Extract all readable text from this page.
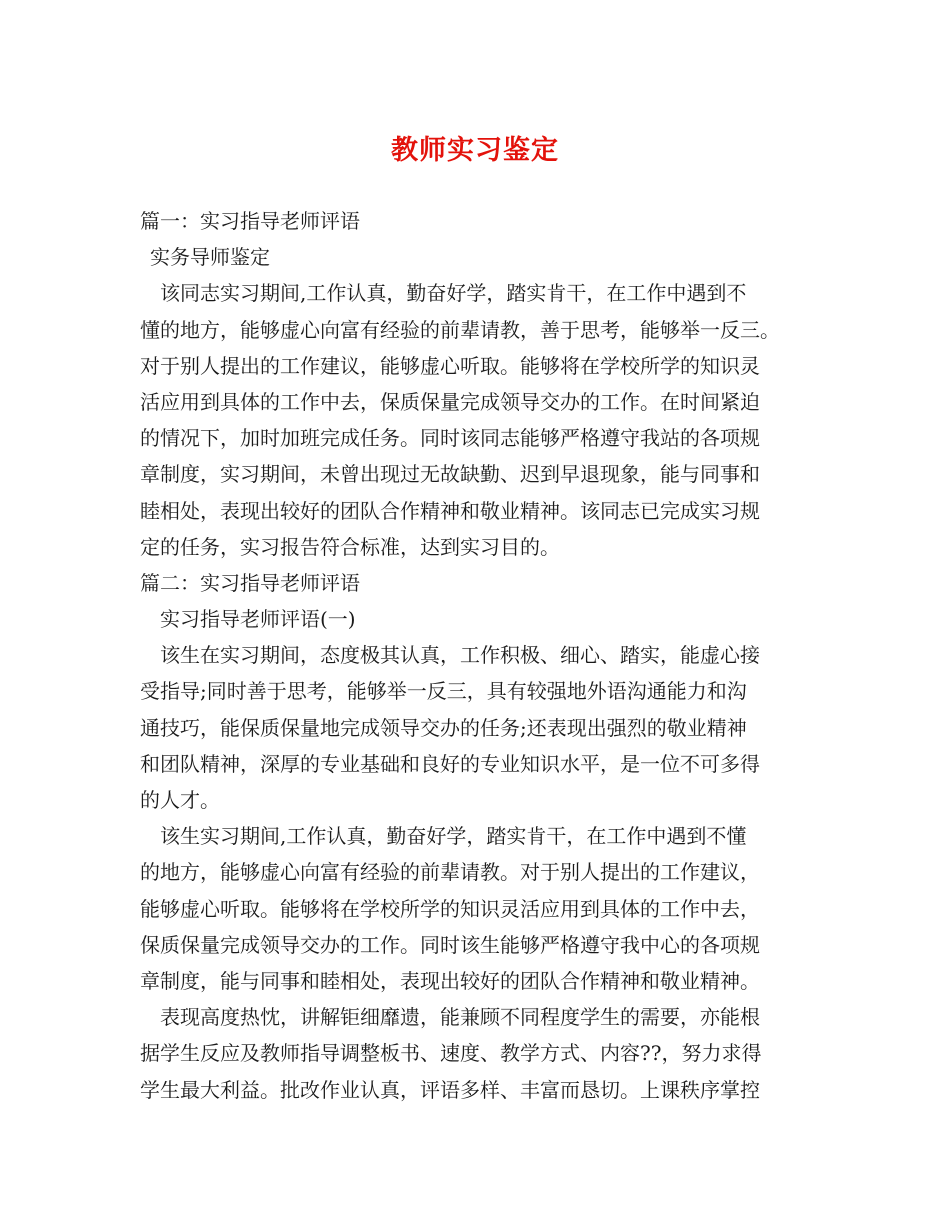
教师实习鉴定
篇一：实习指导老师评语
实务导师鉴定
该同志实习期间,工作认真，勤奋好学，踏实肯干，在工作中遇到不
懂的地方，能够虚心向富有经验的前辈请教，善于思考，能够举一反三。
对于别人提出的工作建议，能够虚心听取。能够将在学校所学的知识灵
活应用到具体的工作中去，保质保量完成领导交办的工作。在时间紧迫
的情况下，加时加班完成任务。同时该同志能够严格遵守我站的各项规
章制度，实习期间，未曾出现过无故缺勤、迟到早退现象，能与同事和
睦相处，表现出较好的团队合作精神和敬业精神。该同志已完成实习规
定的任务，实习报告符合标准，达到实习目的。
篇二：实习指导老师评语
实习指导老师评语(一)
该生在实习期间，态度极其认真，工作积极、细心、踏实，能虚心接
受指导;同时善于思考，能够举一反三，具有较强地外语沟通能力和沟
通技巧，能保质保量地完成领导交办的任务;还表现出强烈的敬业精神
和团队精神，深厚的专业基础和良好的专业知识水平，是一位不可多得
的人才。
该生实习期间,工作认真，勤奋好学，踏实肯干，在工作中遇到不懂
的地方，能够虚心向富有经验的前辈请教。对于别人提出的工作建议，
能够虚心听取。能够将在学校所学的知识灵活应用到具体的工作中去，
保质保量完成领导交办的工作。同时该生能够严格遵守我中心的各项规
章制度，能与同事和睦相处，表现出较好的团队合作精神和敬业精神。
表现高度热忱，讲解钜细靡遗，能兼顾不同程度学生的需要，亦能根
据学生反应及教师指导调整板书、速度、教学方式、内容??，努力求得
学生最大利益。批改作业认真，评语多样、丰富而恳切。上课秩序掌控
